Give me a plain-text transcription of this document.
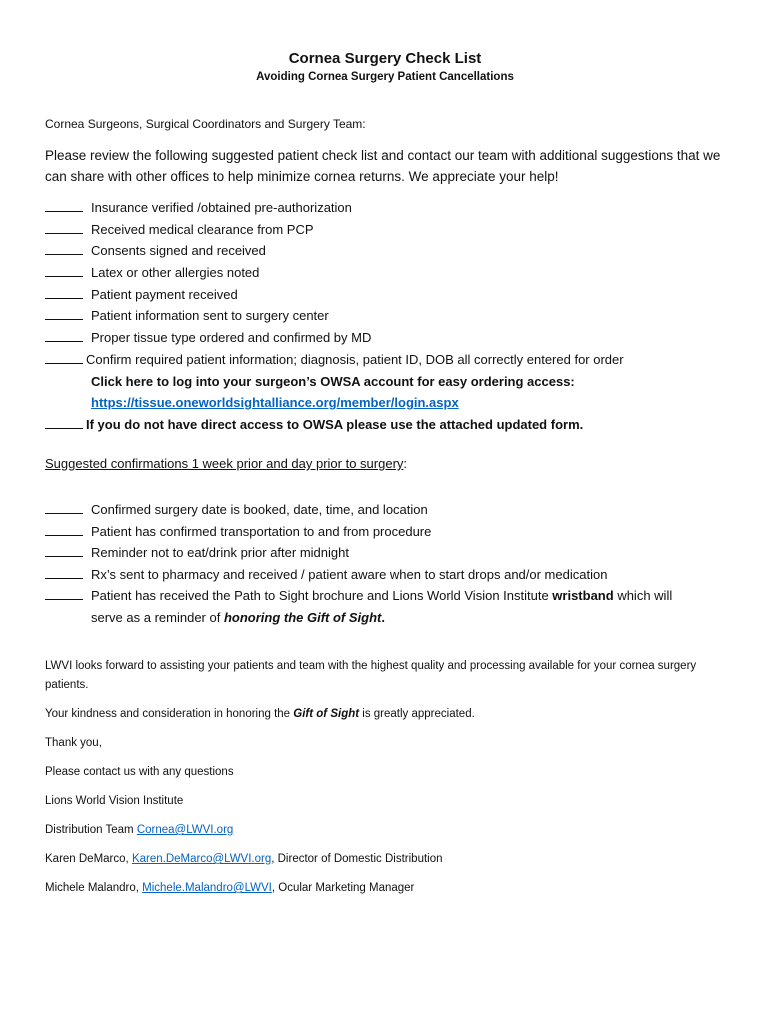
Cornea Surgery Check List
Avoiding Cornea Surgery Patient Cancellations
Cornea Surgeons, Surgical Coordinators and Surgery Team:
Please review the following suggested patient check list and contact our team with additional suggestions that we can share with other offices to help minimize cornea returns. We appreciate your help!
Insurance verified /obtained pre-authorization
Received medical clearance from PCP
Consents signed and received
Latex or other allergies noted
Patient payment received
Patient information sent to surgery center
Proper tissue type ordered and confirmed by MD
Confirm required patient information; diagnosis, patient ID, DOB all correctly entered for order
Click here to log into your surgeon’s OWSA account for easy ordering access:
https://tissue.oneworldsightalliance.org/member/login.aspx
If you do not have direct access to OWSA please use the attached updated form.
Suggested confirmations 1 week prior and day prior to surgery:
Confirmed surgery date is booked, date, time, and location
Patient has confirmed transportation to and from procedure
Reminder not to eat/drink prior after midnight
Rx’s sent to pharmacy and received / patient aware when to start drops and/or medication
Patient has received the Path to Sight brochure and Lions World Vision Institute wristband which will
serve as a reminder of honoring the Gift of Sight.

LWVI looks forward to assisting your patients and team with the highest quality and processing available for your cornea surgery patients.

Your kindness and consideration in honoring the Gift of Sight is greatly appreciated.

Thank you,

Please contact us with any questions

Lions World Vision Institute

Distribution Team Cornea@LWVI.org

Karen DeMarco, Karen.DeMarco@LWVI.org, Director of Domestic Distribution

Michele Malandro, Michele.Malandro@LWVI, Ocular Marketing Manager
